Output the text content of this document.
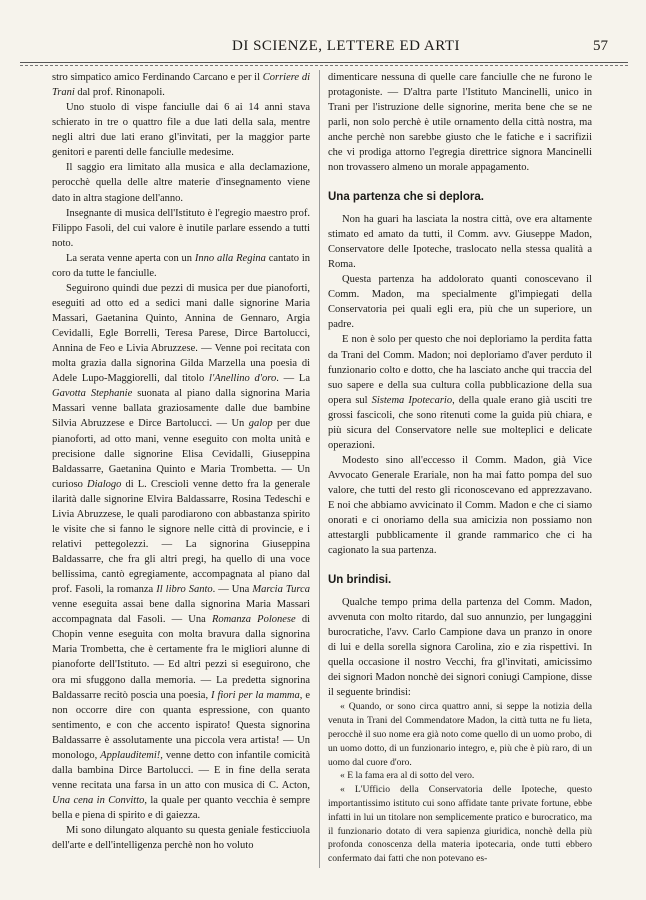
DI SCIENZE, LETTERE ED ARTI	57

stro simpatico amico Ferdinando Carcano e per il Corriere di Trani dal prof. Rinonapoli.

Uno stuolo di vispe fanciulle dai 6 ai 14 anni stava schierato in tre o quattro file a due lati della sala, mentre negli altri due lati erano gl'invitati, per la maggior parte genitori e parenti delle fanciulle medesime.

Il saggio era limitato alla musica e alla declamazione, perocchè quella delle altre materie d'insegnamento viene dato in altra stagione dell'anno.

Insegnante di musica dell'Istituto è l'egregio maestro prof. Filippo Fasoli, del cui valore è inutile parlare essendo a tutti noto.

La serata venne aperta con un Inno alla Regina cantato in coro da tutte le fanciulle.

Seguirono quindi due pezzi di musica per due pianoforti, eseguiti ad otto ed a sedici mani dalle signorine Maria Massari, Gaetanina Quinto, Annina de Gennaro, Argia Cevidalli, Egle Borrelli, Teresa Parese, Dirce Bartolucci, Annina de Feo e Livia Abruzzese. — Venne poi recitata con molta grazia dalla signorina Gilda Marzella una poesia di Adele Lupo-Maggiorelli, dal titolo l'Anellino d'oro. — La Gavotta Stephanie suonata al piano dalla signorina Maria Massari venne ballata graziosamente dalle due bambine Silvia Abruzzese e Dirce Bartolucci. — Un galop per due pianoforti, ad otto mani, venne eseguito con molta unità e precisione dalle signorine Elisa Cevidalli, Giuseppina Baldassarre, Gaetanina Quinto e Maria Trombetta. — Un curioso Dialogo di L. Crescioli venne detto fra la generale ilarità dalle signorine Elvira Baldassarre, Rosina Tedeschi e Livia Abruzzese, le quali parodiarono con abbastanza spirito le visite che si fanno le signore nelle città di provincie, e i relativi pettegolezzi. — La signorina Giuseppina Baldassarre, che fra gli altri pregi, ha quello di una voce bellissima, cantò egregiamente, accompagnata al piano dal prof. Fasoli, la romanza Il libro Santo. — Una Marcia Turca venne eseguita assai bene dalla signorina Maria Massari accompagnata dal Fasoli. — Una Romanza Polonese di Chopin venne eseguita con molta bravura dalla signorina Maria Trombetta, che è certamente fra le migliori alunne di pianoforte dell'Istituto. — Ed altri pezzi si eseguirono, che ora mi sfuggono dalla memoria. — La predetta signorina Baldassarre recitò poscia una poesia, I fiori per la mamma, e non occorre dire con quanta espressione, con quanto sentimento, e con che accento ispirato! Questa signorina Baldassarre è assolutamente una piccola vera artista! — Un monologo, Applauditemi!, venne detto con infantile comicità dalla bambina Dirce Bartolucci. — E in fine della serata venne recitata una farsa in un atto con musica di C. Acton, Una cena in Convitto, la quale per quanto vecchia è sempre bella e piena di spirito e di gaiezza.

Mi sono dilungato alquanto su questa geniale festicciuola dell'arte e dell'intelligenza perchè non ho voluto

dimenticare nessuna di quelle care fanciulle che ne furono le protagoniste. — D'altra parte l'Istituto Mancinelli, unico in Trani per l'istruzione delle signorine, merita bene che se ne parli, non solo perchè è utile ornamento della città nostra, ma anche perchè non sarebbe giusto che le fatiche e i sacrifizii che vi prodiga attorno l'egregia direttrice signora Mancinelli non trovassero almeno un morale appagamento.

Una partenza che si deplora.

Non ha guari ha lasciata la nostra città, ove era altamente stimato ed amato da tutti, il Comm. avv. Giuseppe Madon, Conservatore delle Ipoteche, traslocato nella stessa qualità a Roma.

Questa partenza ha addolorato quanti conoscevano il Comm. Madon, ma specialmente gl'impiegati della Conservatoria pei quali egli era, più che un superiore, un padre.

E non è solo per questo che noi deploriamo la perdita fatta da Trani del Comm. Madon; noi deploriamo d'aver perduto il funzionario colto e dotto, che ha lasciato anche qui traccia del suo sapere e della sua cultura colla pubblicazione della sua opera sul Sistema Ipotecario, della quale erano già usciti tre grossi fascicoli, che sono ritenuti come la guida più chiara, e più sicura del Conservatore nelle sue molteplici e delicate operazioni.

Modesto sino all'eccesso il Comm. Madon, già Vice Avvocato Generale Erariale, non ha mai fatto pompa del suo valore, che tutti del resto gli riconoscevano ed apprezzavano. E noi che abbiamo avvicinato il Comm. Madon e che ci siamo onorati e ci onoriamo della sua amicizia non possiamo non attestargli pubblicamente il grande rammarico che ci ha cagionato la sua partenza.

Un brindisi.

Qualche tempo prima della partenza del Comm. Madon, avvenuta con molto ritardo, dal suo annunzio, per lungaggini burocratiche, l'avv. Carlo Campione dava un pranzo in onore di lui e della sorella signora Carolina, zio e zia rispettivi. In quella occasione il nostro Vecchi, fra gl'invitati, amicissimo dei signori Madon nonchè dei signori coniugi Campione, disse il seguente brindisi:

« Quando, or sono circa quattro anni, si seppe la notizia della venuta in Trani del Commendatore Madon, la città tutta ne fu lieta, perocchè il suo nome era già noto come quello di un uomo probo, di un uomo dotto, di un funzionario integro, e, più che è più raro, di un uomo dal cuore d'oro.

« E la fama era al di sotto del vero.

« L'Ufficio della Conservatoria delle Ipoteche, questo importantissimo istituto cui sono affidate tante private fortune, ebbe infatti in lui un titolare non semplicemente pratico e burocratico, ma il funzionario dotato di vera sapienza giuridica, nonchè della più profonda conoscenza della materia ipotecaria, onde tutti ebbero confermato dai fatti che non potevano es-
